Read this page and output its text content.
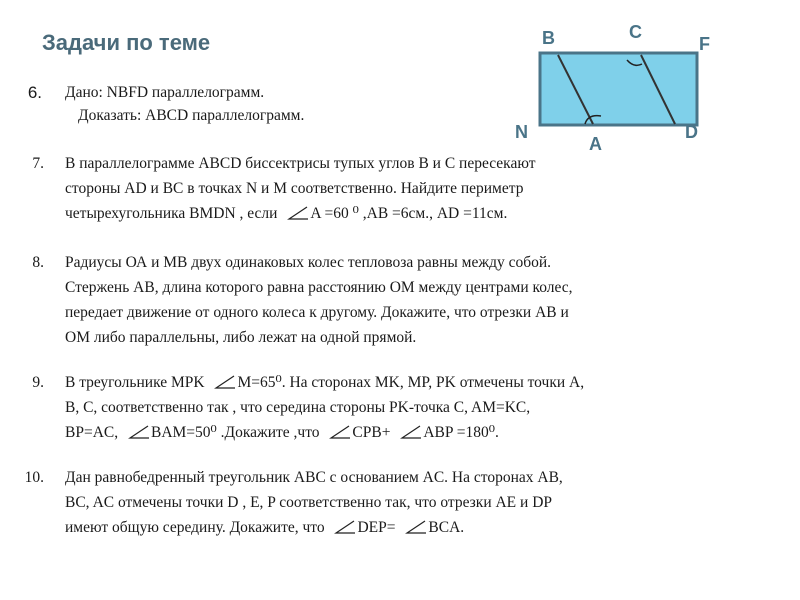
Задачи по теме	B	C
F
N
A
D
6. Дано: NBFD параллелограмм.
Доказать: ABCD параллелограмм.
7. В параллелограмме ABCD биссектрисы тупых углов B и C пересекают
стороны AD и BC в точках N и M соответственно. Найдите периметр
четырехугольника BMDN , если A =60 ⁰ ,AB =6см., AD =11см.
8. Радиусы ОА и МВ двух одинаковых колес тепловоза равны между собой.
Стержень АВ, длина которого равна расстоянию ОМ между центрами колес,
передает движение от одного колеса к другому. Докажите, что отрезки АВ и
ОМ либо параллельны, либо лежат на одной прямой.
9. В треугольнике MPK M=65⁰. На сторонах MK, MP, PK отмечены точки A,
B, C, соответственно так , что середина стороны PK-точка C, AM=KC,
BP=AC, BAM=50⁰ .Докажите ,что CPB+ ABP =180⁰.
10. Дан равнобедренный треугольник ABC с основанием AC. На сторонах AB,
BC, AC отмечены точки D , E, P соответственно так, что отрезки AE и DP
имеют общую середину. Докажите, что DEP= BCA.
